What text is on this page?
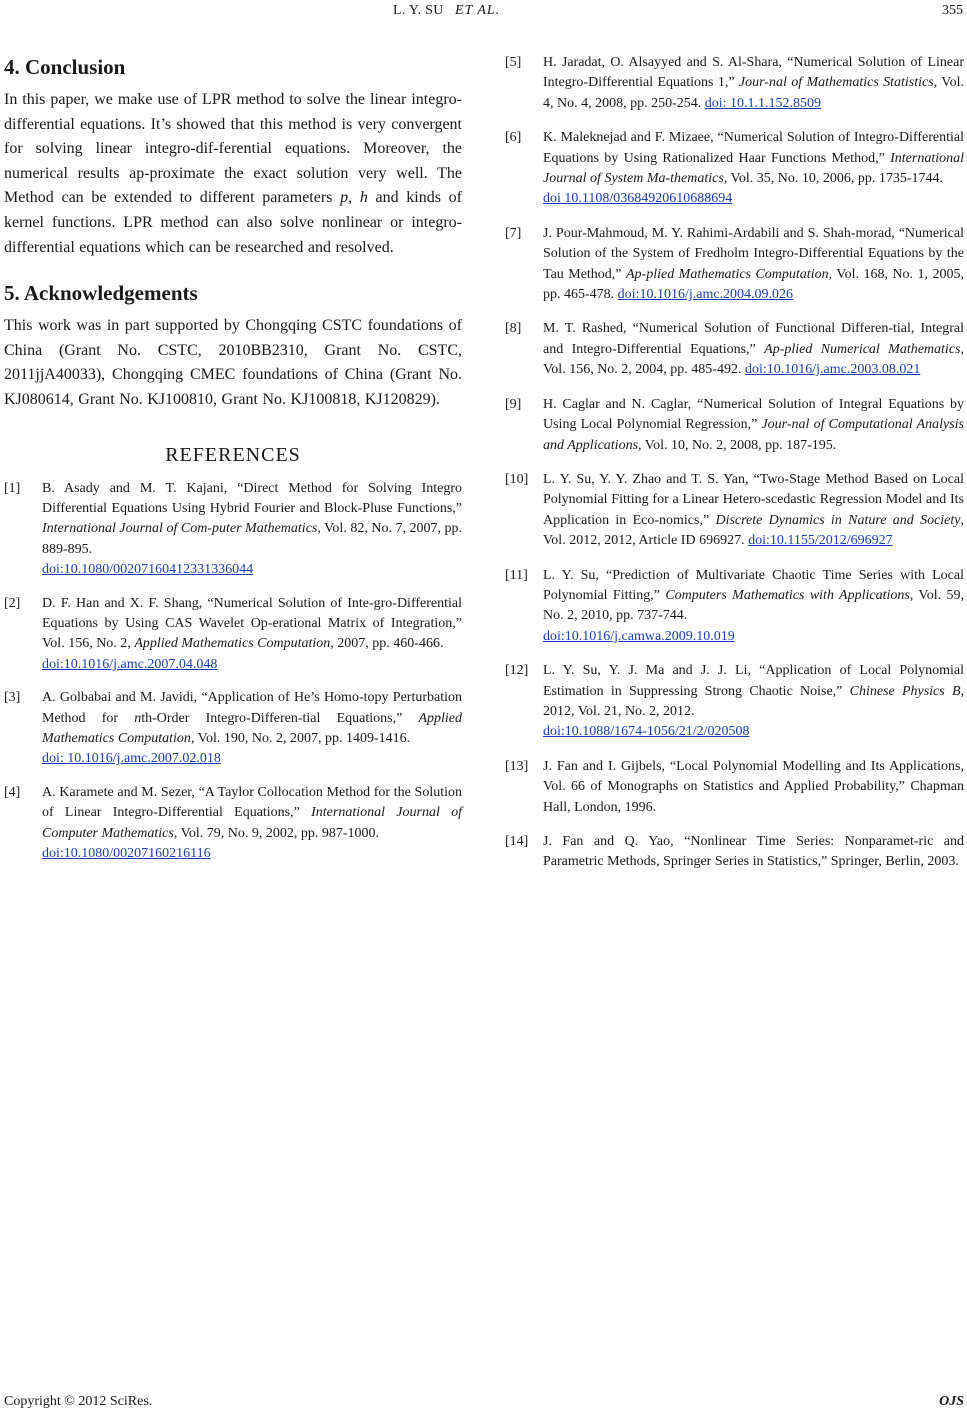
L. Y. SU ET AL.	355
4. Conclusion

In this paper, we make use of LPR method to solve the linear integro-differential equations. It’s showed that this method is very convergent for solving linear integro-dif-ferential equations. Moreover, the numerical results ap-proximate the exact solution very well. The Method can be extended to different parameters p, h and kinds of kernel functions. LPR method can also solve nonlinear or integro-differential equations which can be researched and resolved.

5. Acknowledgements

This work was in part supported by Chongqing CSTC foundations of China (Grant No. CSTC, 2010BB2310, Grant No. CSTC, 2011jjA40033), Chongqing CMEC foundations of China (Grant No. KJ080614, Grant No. KJ100810, Grant No. KJ100818, KJ120829).

REFERENCES
[1] B. Asady and M. T. Kajani, “Direct Method for Solving Integro Differential Equations Using Hybrid Fourier and Block-Pluse Functions,” International Journal of Com-puter Mathematics, Vol. 82, No. 7, 2007, pp. 889-895.
doi:10.1080/00207160412331336044
[2] D. F. Han and X. F. Shang, “Numerical Solution of Inte-gro-Differential Equations by Using CAS Wavelet Op-erational Matrix of Integration,” Vol. 156, No. 2, Applied Mathematics Computation, 2007, pp. 460-466.
doi:10.1016/j.amc.2007.04.048
[3] A. Golbabai and M. Javidi, “Application of He’s Homo-topy Perturbation Method for nth-Order Integro-Differen-tial Equations,” Applied Mathematics Computation, Vol. 190, No. 2, 2007, pp. 1409-1416.
doi: 10.1016/j.amc.2007.02.018
[4] A. Karamete and M. Sezer, “A Taylor Collocation Method for the Solution of Linear Integro-Differential Equations,” International Journal of Computer Mathematics, Vol. 79, No. 9, 2002, pp. 987-1000.
doi:10.1080/00207160216116
[5] H. Jaradat, O. Alsayyed and S. Al-Shara, “Numerical Solution of Linear Integro-Differential Equations 1,” Jour-nal of Mathematics Statistics, Vol. 4, No. 4, 2008, pp. 250-254. doi: 10.1.1.152.8509
[6] K. Maleknejad and F. Mizaee, “Numerical Solution of Integro-Differential Equations by Using Rationalized Haar Functions Method,” International Journal of System Ma-thematics, Vol. 35, No. 10, 2006, pp. 1735-1744.
doi 10.1108/03684920610688694
[7] J. Pour-Mahmoud, M. Y. Rahimi-Ardabili and S. Shah-morad, “Numerical Solution of the System of Fredholm Integro-Differential Equations by the Tau Method,” Ap-plied Mathematics Computation, Vol. 168, No. 1, 2005, pp. 465-478. doi:10.1016/j.amc.2004.09.026
[8] M. T. Rashed, “Numerical Solution of Functional Differen-tial, Integral and Integro-Differential Equations,” Ap-plied Numerical Mathematics, Vol. 156, No. 2, 2004, pp. 485-492. doi:10.1016/j.amc.2003.08.021
[9] H. Caglar and N. Caglar, “Numerical Solution of Integral Equations by Using Local Polynomial Regression,” Jour-nal of Computational Analysis and Applications, Vol. 10, No. 2, 2008, pp. 187-195.
[10] L. Y. Su, Y. Y. Zhao and T. S. Yan, “Two-Stage Method Based on Local Polynomial Fitting for a Linear Hetero-scedastic Regression Model and Its Application in Eco-nomics,” Discrete Dynamics in Nature and Society, Vol. 2012, 2012, Article ID 696927. doi:10.1155/2012/696927
[11] L. Y. Su, “Prediction of Multivariate Chaotic Time Series with Local Polynomial Fitting,” Computers Mathematics with Applications, Vol. 59, No. 2, 2010, pp. 737-744.
doi:10.1016/j.camwa.2009.10.019
[12] L. Y. Su, Y. J. Ma and J. J. Li, “Application of Local Polynomial Estimation in Suppressing Strong Chaotic Noise,” Chinese Physics B, 2012, Vol. 21, No. 2, 2012.
doi:10.1088/1674-1056/21/2/020508
[13] J. Fan and I. Gijbels, “Local Polynomial Modelling and Its Applications, Vol. 66 of Monographs on Statistics and Applied Probability,” Chapman Hall, London, 1996.
[14] J. Fan and Q. Yao, “Nonlinear Time Series: Nonparamet-ric and Parametric Methods, Springer Series in Statistics,” Springer, Berlin, 2003.
Copyright © 2012 SciRes.	OJS
